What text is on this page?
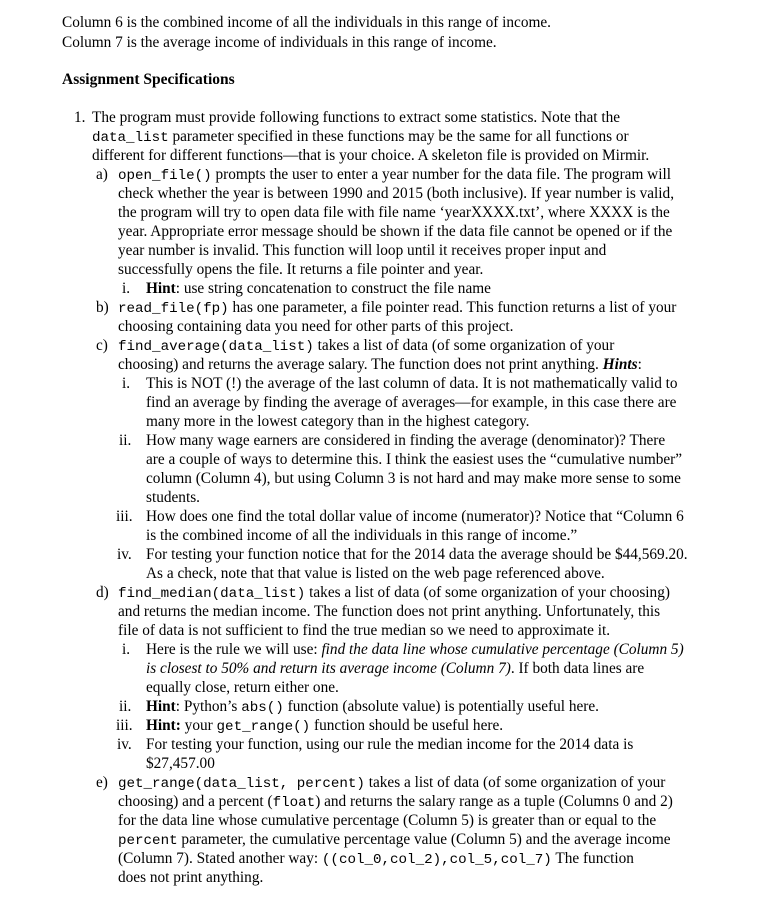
Column 6 is the combined income of all the individuals in this range of income.
Column 7 is the average income of individuals in this range of income.
Assignment Specifications
1. The program must provide following functions to extract some statistics. Note that the
data_list parameter specified in these functions may be the same for all functions or
different for different functions—that is your choice. A skeleton file is provided on Mirmir.
a) open_file() prompts the user to enter a year number for the data file. The program will
check whether the year is between 1990 and 2015 (both inclusive). If year number is valid,
the program will try to open data file with file name ‘yearXXXX.txt’, where XXXX is the
year. Appropriate error message should be shown if the data file cannot be opened or if the
year number is invalid. This function will loop until it receives proper input and
successfully opens the file. It returns a file pointer and year.
i. Hint: use string concatenation to construct the file name
b) read_file(fp) has one parameter, a file pointer read. This function returns a list of your
choosing containing data you need for other parts of this project.
c) find_average(data_list) takes a list of data (of some organization of your
choosing) and returns the average salary. The function does not print anything. Hints:
i. This is NOT (!) the average of the last column of data. It is not mathematically valid to
find an average by finding the average of averages—for example, in this case there are
many more in the lowest category than in the highest category.
ii. How many wage earners are considered in finding the average (denominator)? There
are a couple of ways to determine this. I think the easiest uses the “cumulative number”
column (Column 4), but using Column 3 is not hard and may make more sense to some
students.
iii. How does one find the total dollar value of income (numerator)? Notice that “Column 6
is the combined income of all the individuals in this range of income.”
iv. For testing your function notice that for the 2014 data the average should be $44,569.20.
As a check, note that that value is listed on the web page referenced above.
d) find_median(data_list) takes a list of data (of some organization of your choosing)
and returns the median income. The function does not print anything. Unfortunately, this
file of data is not sufficient to find the true median so we need to approximate it.
i. Here is the rule we will use: find the data line whose cumulative percentage (Column 5)
is closest to 50% and return its average income (Column 7). If both data lines are
equally close, return either one.
ii. Hint: Python’s abs() function (absolute value) is potentially useful here.
iii. Hint: your get_range() function should be useful here.
iv. For testing your function, using our rule the median income for the 2014 data is
$27,457.00
e) get_range(data_list, percent) takes a list of data (of some organization of your
choosing) and a percent (float) and returns the salary range as a tuple (Columns 0 and 2)
for the data line whose cumulative percentage (Column 5) is greater than or equal to the
percent parameter, the cumulative percentage value (Column 5) and the average income
(Column 7). Stated another way: ((col_0,col_2),col_5,col_7) The function
does not print anything.
